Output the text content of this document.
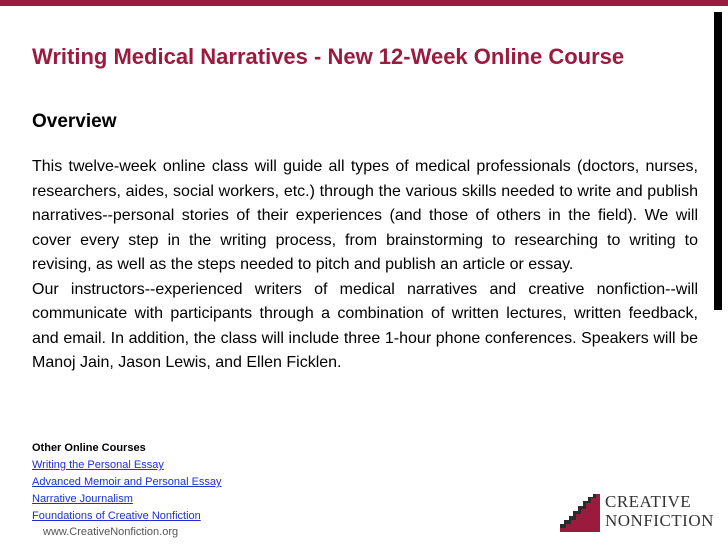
Writing Medical Narratives - New 12-Week Online Course
Overview

This twelve-week online class will guide all types of medical professionals (doctors, nurses, researchers, aides, social workers, etc.) through the various skills needed to write and publish narratives--personal stories of their experiences (and those of others in the field). We will cover every step in the writing process, from brainstorming to researching to writing to revising, as well as the steps needed to pitch and publish an article or essay.

Our instructors--experienced writers of medical narratives and creative nonfiction--will communicate with participants through a combination of written lectures, written feedback, and email. In addition, the class will include three 1-hour phone conferences. Speakers will be Manoj Jain, Jason Lewis, and Ellen Ficklen.

Other Online Courses
Writing the Personal Essay
Advanced Memoir and Personal Essay
Narrative Journalism
Foundations of Creative Nonfiction
www.CreativeNonfiction.org
CREATIVE
NONFICTION
